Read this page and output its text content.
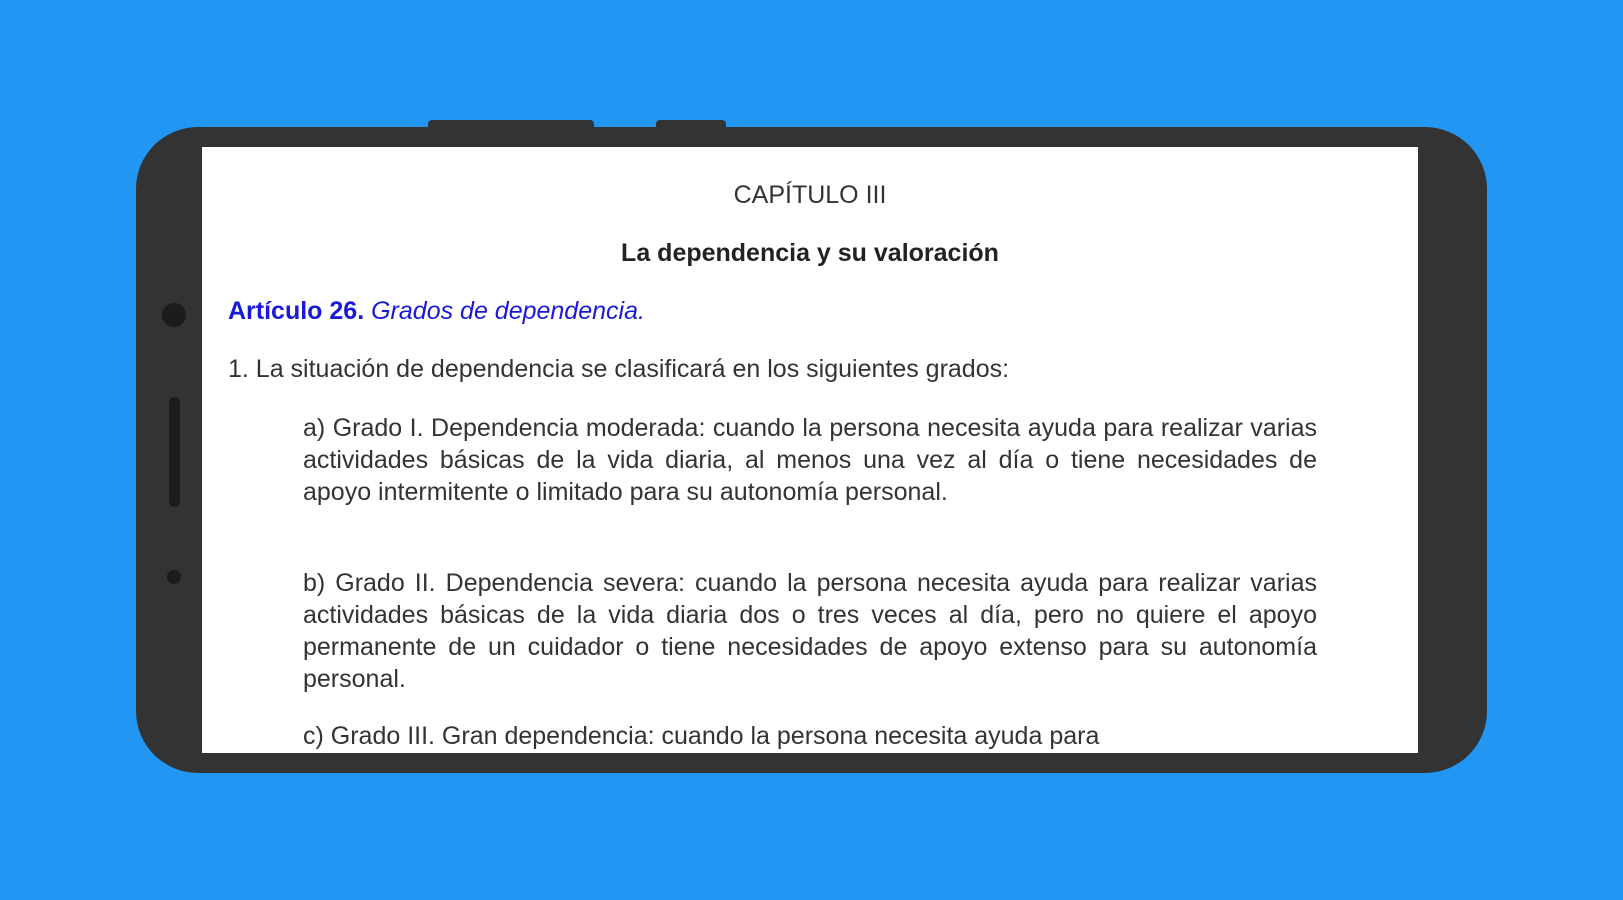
CAPÍTULO III
La dependencia y su valoración
Artículo 26. Grados de dependencia.
1. La situación de dependencia se clasificará en los siguientes grados:
a) Grado I. Dependencia moderada: cuando la persona necesita ayuda para realizar varias actividades básicas de la vida diaria, al menos una vez al día o tiene necesidades de apoyo intermitente o limitado para su autonomía personal.
b) Grado II. Dependencia severa: cuando la persona necesita ayuda para realizar varias actividades básicas de la vida diaria dos o tres veces al día, pero no quiere el apoyo permanente de un cuidador o tiene necesidades de apoyo extenso para su autonomía personal.
c) Grado III. Gran dependencia: cuando la persona necesita ayuda para
